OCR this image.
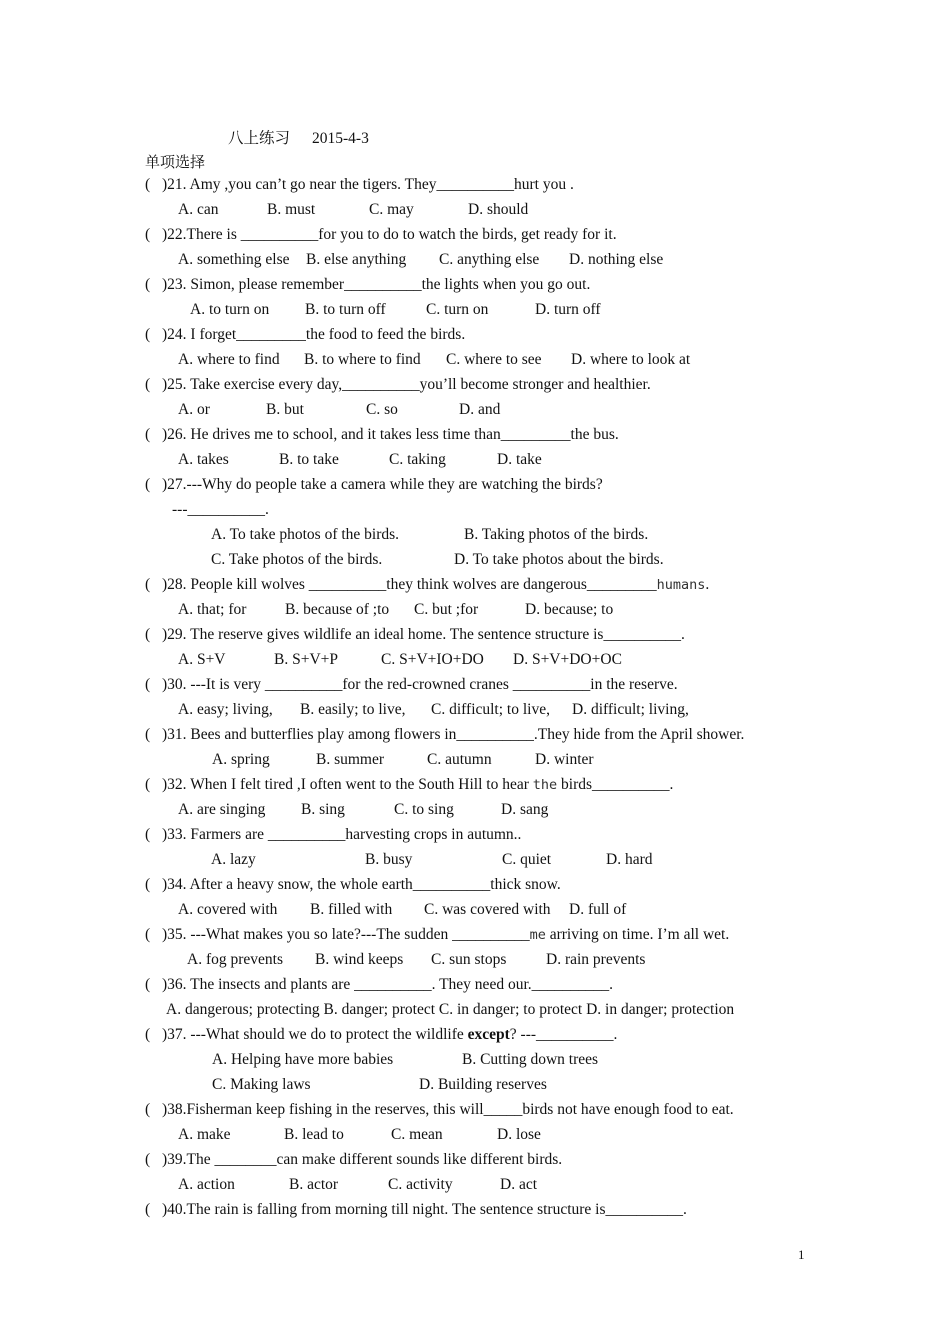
八上练习 2015-4-3
单项选择
( )21. Amy ,you can’t go near the tigers. They__________hurt you .
A. can	B. must	C. may	D. should
( )22.There is __________for you to do to watch the birds, get ready for it.
A. something else B. else anything C. anything else D. nothing else
( )23. Simon, please remember__________the lights when you go out.
A. to turn on B. to turn off	C. turn on	D. turn off
( )24. I forget_________the food to feed the birds.
A. where to find B. to where to find C. where to see D. where to look at
( )25. Take exercise every day,__________you’ll become stronger and healthier.
A. or	B. but	C. so	D. and
( )26. He drives me to school, and it takes less time than_________the bus.
A. takes	B. to take	C. taking	D. take
( )27.---Why do people take a camera while they are watching the birds?
---__________.
A. To take photos of the birds.	B. Taking photos of the birds.
C. Take photos of the birds.	D. To take photos about the birds.
( )28. People kill wolves __________they think wolves are dangerous_________humans.
A. that; for B. because of ;to C. but ;for	D. because; to
( )29. The reserve gives wildlife an ideal home. The sentence structure is__________.
A. S+V	B. S+V+P	C. S+V+IO+DO D. S+V+DO+OC
( )30. ---It is very __________for the red-crowned cranes __________in the reserve.
A. easy; living, B. easily; to live, C. difficult; to live, D. difficult; living,
( )31. Bees and butterflies play among flowers in__________.They hide from the April shower.
A. spring	B. summer	C. autumn	D. winter
( )32. When I felt tired ,I often went to the South Hill to hear the birds__________.
A. are singing B. sing	C. to sing	D. sang
( )33. Farmers are __________harvesting crops in autumn..
A. lazy	B. busy	C. quiet	D. hard
( )34. After a heavy snow, the whole earth__________thick snow.
A. covered with B. filled with C. was covered with D. full of
( )35. ---What makes you so late?---The sudden __________me arriving on time. I’m all wet.
A. fog prevents B. wind keeps C. sun stops	D. rain prevents
( )36. The insects and plants are __________. They need our.__________.
A. dangerous; protecting B. danger; protect C. in danger; to protect D. in danger; protection
( )37. ---What should we do to protect the wildlife except? ---__________.
A. Helping have more babies	B. Cutting down trees
C. Making laws	D. Building reserves
( )38.Fisherman keep fishing in the reserves, this will_____birds not have enough food to eat.
A. make	B. lead to	C. mean	D. lose
( )39.The ________can make different sounds like different birds.
A. action	B. actor	C. activity	D. act
( )40.The rain is falling from morning till night. The sentence structure is__________.
1
